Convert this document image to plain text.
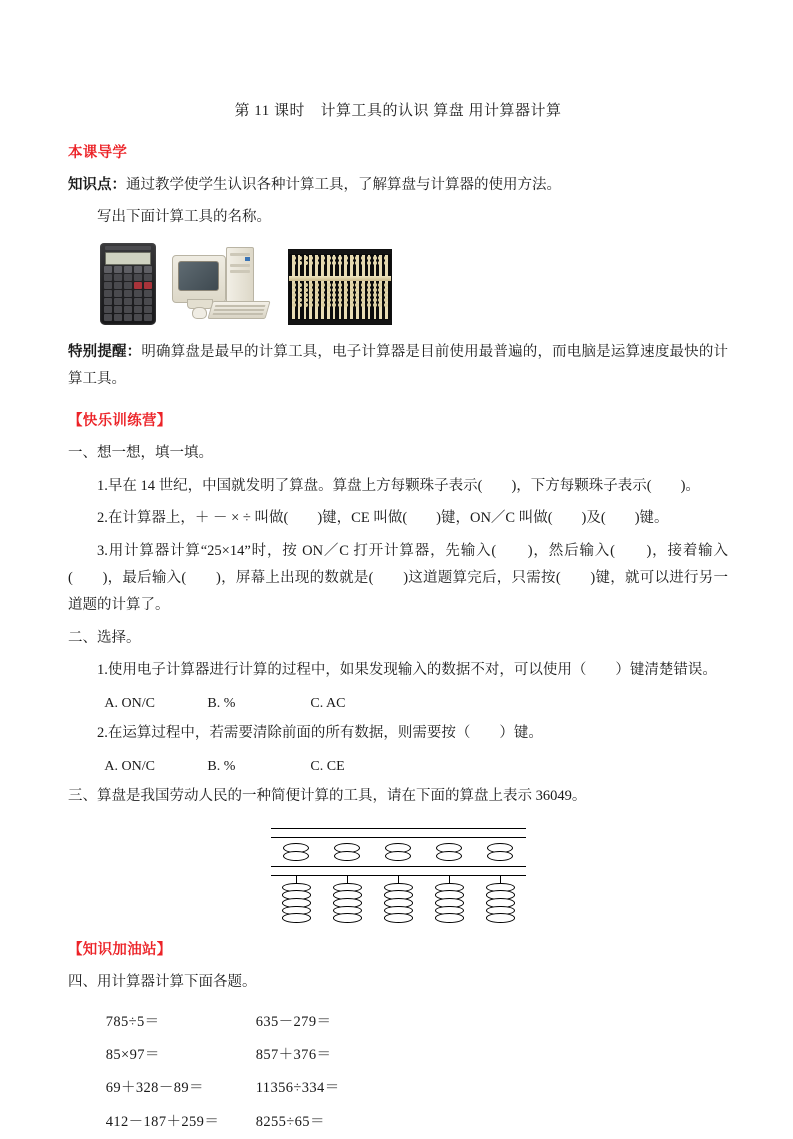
第 11 课时　计算工具的认识 算盘 用计算器计算
本课导学

知识点：通过教学使学生认识各种计算工具，了解算盘与计算器的使用方法。

写出下面计算工具的名称。

特别提醒：明确算盘是最早的计算工具，电子计算器是目前使用最普遍的，而电脑是运算速度最快的计算工具。

【快乐训练营】

一、想一想，填一填。

1.早在 14 世纪，中国就发明了算盘。算盘上方每颗珠子表示(　　)，下方每颗珠子表示(　　)。

2.在计算器上，＋ － × ÷ 叫做(　　)键，CE 叫做(　　)键，ON／C 叫做(　　)及(　　)键。

3.用计算器计算“25×14”时，按 ON／C 打开计算器，先输入(　　)，然后输入(　　)，接着输入(　　)，最后输入(　　)，屏幕上出现的数就是(　　)这道题算完后，只需按(　　)键，就可以进行另一道题的计算了。

二、选择。

1.使用电子计算器进行计算的过程中，如果发现输入的数据不对，可以使用（　　）键清楚错误。

A. ON/C	B. %	C. AC

2.在运算过程中，若需要清除前面的所有数据，则需要按（　　）键。

A. ON/C	B. %	C. CE

三、算盘是我国劳动人民的一种简便计算的工具，请在下面的算盘上表示 36049。

【知识加油站】

四、用计算器计算下面各题。

785÷5＝	635－279＝
85×97＝	857＋376＝
69＋328－89＝	11356÷334＝
412－187＋259＝	8255÷65＝
